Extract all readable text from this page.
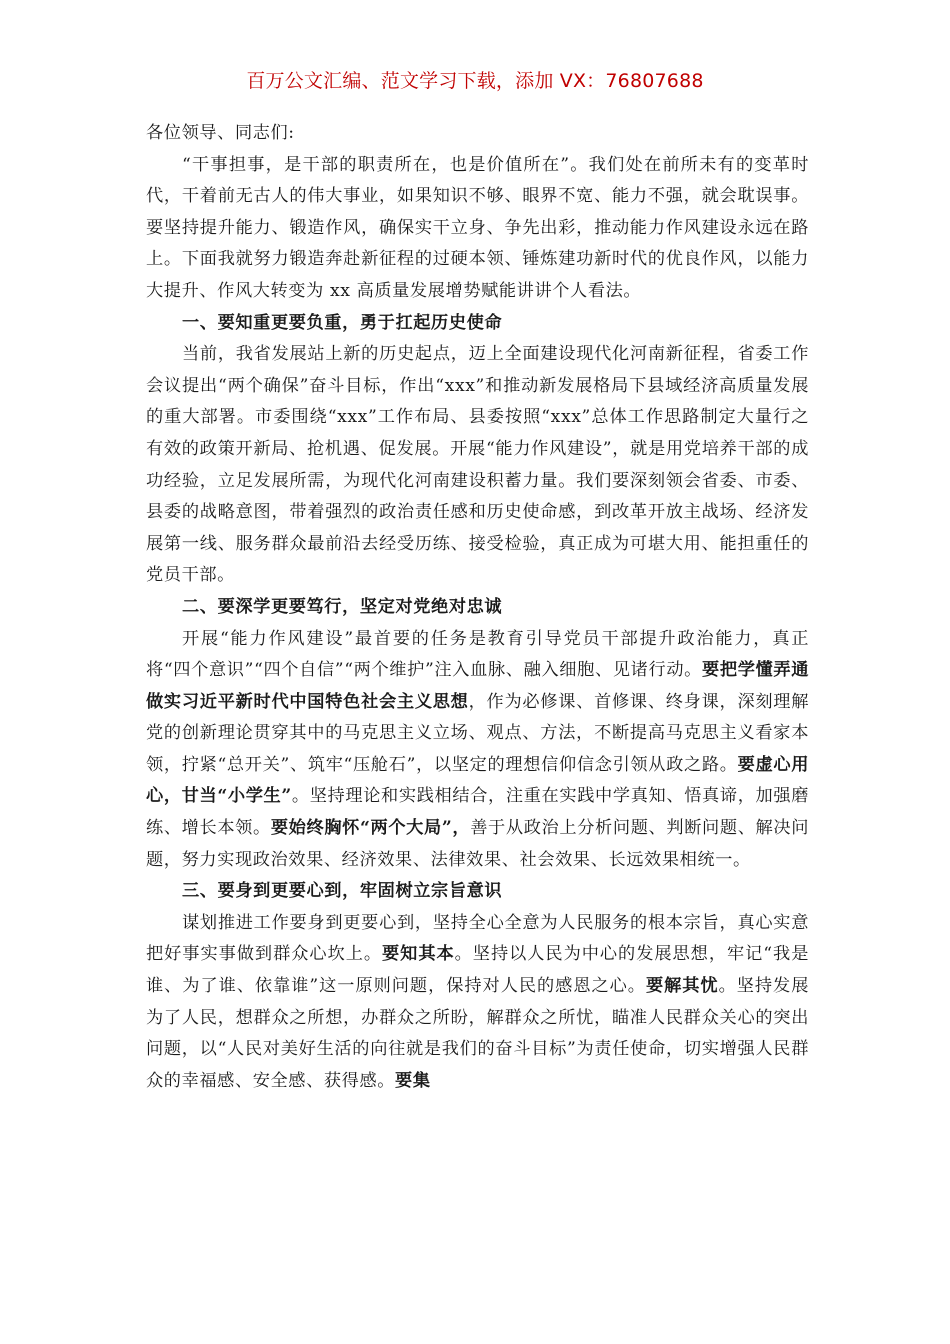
百万公文汇编、范文学习下载，添加 VX：76807688

各位领导、同志们:

“干事担事，是干部的职责所在，也是价值所在”。我们处在前所未有的变革时代，干着前无古人的伟大事业，如果知识不够、眼界不宽、能力不强，就会耽误事。要坚持提升能力、锻造作风，确保实干立身、争先出彩，推动能力作风建设永远在路上。下面我就努力锻造奔赴新征程的过硬本领、锤炼建功新时代的优良作风，以能力大提升、作风大转变为 xx 高质量发展增势赋能讲讲个人看法。

一、要知重更要负重，勇于扛起历史使命

当前，我省发展站上新的历史起点，迈上全面建设现代化河南新征程，省委工作会议提出“两个确保”奋斗目标，作出“xxx”和推动新发展格局下县域经济高质量发展的重大部署。市委围绕“xxx”工作布局、县委按照“xxx”总体工作思路制定大量行之有效的政策开新局、抢机遇、促发展。开展“能力作风建设”，就是用党培养干部的成功经验，立足发展所需，为现代化河南建设积蓄力量。我们要深刻领会省委、市委、县委的战略意图，带着强烈的政治责任感和历史使命感，到改革开放主战场、经济发展第一线、服务群众最前沿去经受历练、接受检验，真正成为可堪大用、能担重任的党员干部。

二、要深学更要笃行，坚定对党绝对忠诚

开展“能力作风建设”最首要的任务是教育引导党员干部提升政治能力，真正将“四个意识”“四个自信”“两个维护”注入血脉、融入细胞、见诸行动。要把学懂弄通做实习近平新时代中国特色社会主义思想，作为必修课、首修课、终身课，深刻理解党的创新理论贯穿其中的马克思主义立场、观点、方法，不断提高马克思主义看家本领，拧紧“总开关”、筑牢“压舱石”，以坚定的理想信仰信念引领从政之路。要虚心用心，甘当“小学生”。坚持理论和实践相结合，注重在实践中学真知、悟真谛，加强磨练、增长本领。要始终胸怀“两个大局”，善于从政治上分析问题、判断问题、解决问题，努力实现政治效果、经济效果、法律效果、社会效果、长远效果相统一。

三、要身到更要心到，牢固树立宗旨意识

谋划推进工作要身到更要心到，坚持全心全意为人民服务的根本宗旨，真心实意把好事实事做到群众心坎上。要知其本。坚持以人民为中心的发展思想，牢记“我是谁、为了谁、依靠谁”这一原则问题，保持对人民的感恩之心。要解其忧。坚持发展为了人民，想群众之所想，办群众之所盼，解群众之所忧，瞄准人民群众关心的突出问题，以“人民对美好生活的向往就是我们的奋斗目标”为责任使命，切实增强人民群众的幸福感、安全感、获得感。要集
